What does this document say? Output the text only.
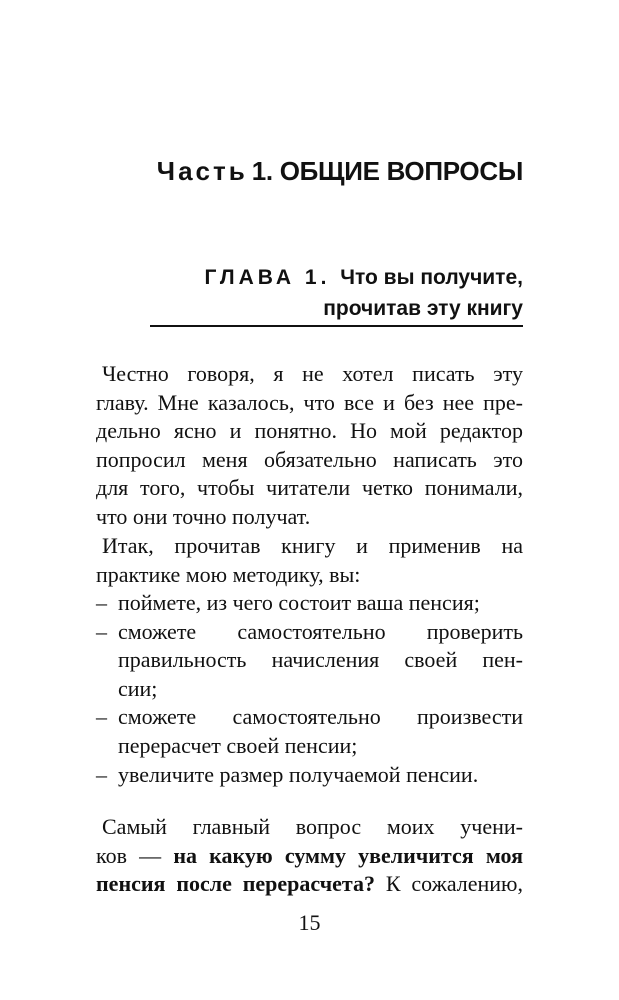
Часть 1. ОБЩИЕ ВОПРОСЫ
ГЛАВА 1. Что вы получите,
прочитав эту книгу
Честно говоря, я не хотел писать эту
главу. Мне казалось, что все и без нее пре-
дельно ясно и понятно. Но мой редактор
попросил меня обязательно написать это
для того, чтобы читатели четко понимали,
что они точно получат.
Итак, прочитав книгу и применив на
практике мою методику, вы:
– поймете, из чего состоит ваша пенсия;
– сможете самостоятельно проверить
правильность начисления своей пен-
сии;
– сможете самостоятельно произвести
перерасчет своей пенсии;
– увеличите размер получаемой пенсии.
Самый главный вопрос моих учени-
ков — на какую сумму увеличится моя
пенсия после перерасчета? К сожалению,
15
